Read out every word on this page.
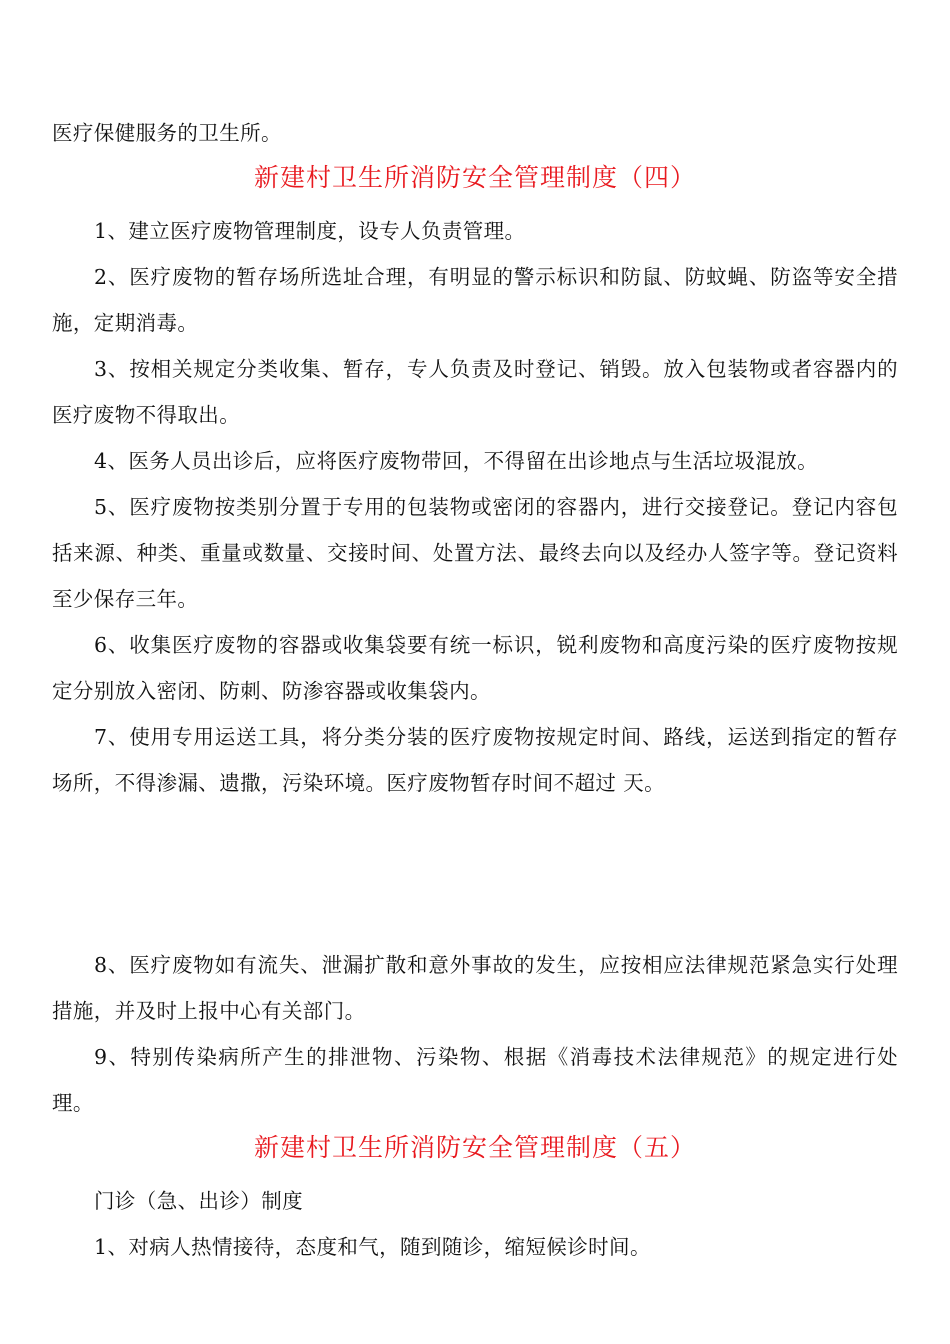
医疗保健服务的卫生所。

新建村卫生所消防安全管理制度（四）

1、建立医疗废物管理制度，设专人负责管理。

2、医疗废物的暂存场所选址合理，有明显的警示标识和防鼠、防蚊蝇、防盗等安全措施，定期消毒。

3、按相关规定分类收集、暂存，专人负责及时登记、销毁。放入包装物或者容器内的医疗废物不得取出。

4、医务人员出诊后，应将医疗废物带回，不得留在出诊地点与生活垃圾混放。

5、医疗废物按类别分置于专用的包装物或密闭的容器内，进行交接登记。登记内容包括来源、种类、重量或数量、交接时间、处置方法、最终去向以及经办人签字等。登记资料至少保存三年。

6、收集医疗废物的容器或收集袋要有统一标识，锐利废物和高度污染的医疗废物按规定分别放入密闭、防刺、防渗容器或收集袋内。

7、使用专用运送工具，将分类分装的医疗废物按规定时间、路线，运送到指定的暂存场所，不得渗漏、遗撒，污染环境。医疗废物暂存时间不超过 天。

8、医疗废物如有流失、泄漏扩散和意外事故的发生，应按相应法律规范紧急实行处理措施，并及时上报中心有关部门。

9、特别传染病所产生的排泄物、污染物、根据《消毒技术法律规范》的规定进行处理。

新建村卫生所消防安全管理制度（五）

门诊（急、出诊）制度

1、对病人热情接待，态度和气，随到随诊，缩短候诊时间。
